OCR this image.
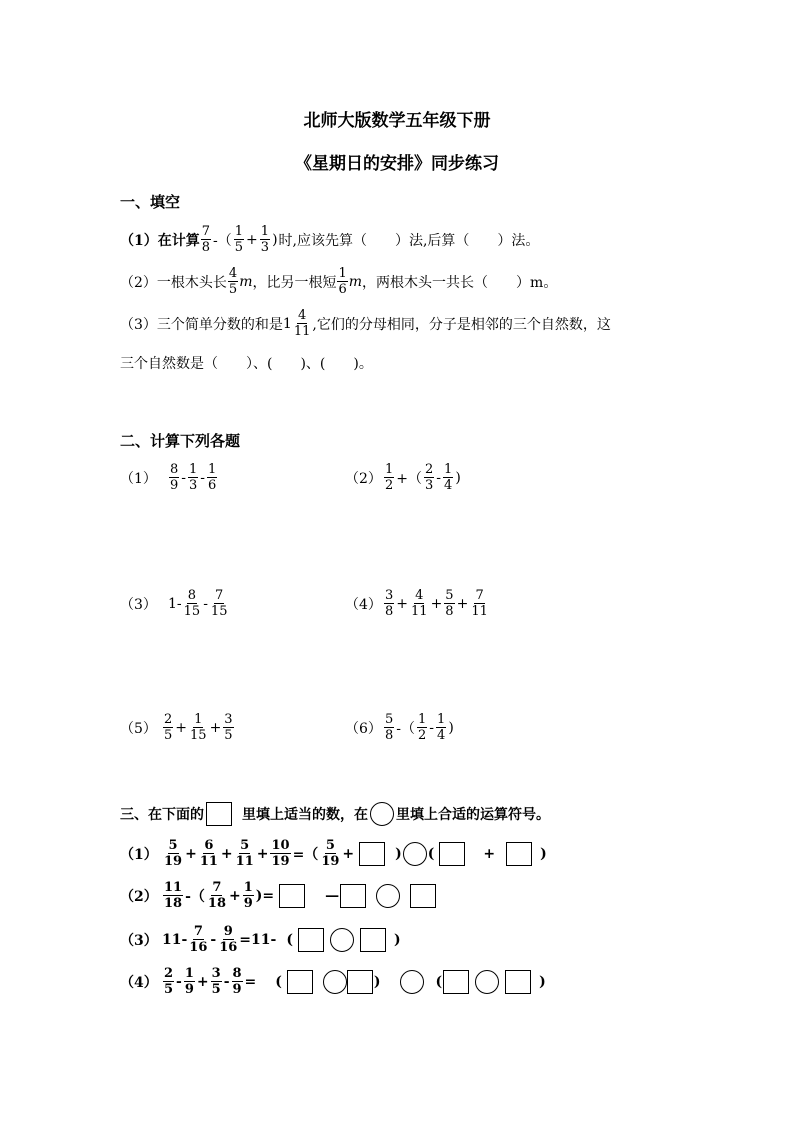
北师大版数学五年级下册
《星期日的安排》同步练习
一、填空
（1）在计算 $\frac{7}{8}$ -（ $\frac{1}{5} + \frac{1}{3}$ ) 时,应该先算（　　）法,后算（　　）法。
（2）一根木头长 $\frac{4}{5}$ m ，比另一根短 $\frac{1}{6}$ m ，两根木头一共长（　　）m。
（3）三个简单分数的和是 $1 \frac{4}{11}$ ,它们的分母相同，分子是相邻的三个自然数，这
三个自然数是（　　）、(　　)、(　　)。
二、计算下列各题
$(1) \frac{8}{9} - \frac{1}{3} - \frac{1}{6}$	$(2) \frac{1}{2}$ +（ $\frac{2}{3} - \frac{1}{4}$ )
（3） $1- \frac{8}{15} - \frac{7}{15}$	$(4) \frac{3}{8} + \frac{4}{11} + \frac{5}{8} + \frac{7}{11}$
$(5) \frac{2}{5} + \frac{1}{15} + \frac{3}{5}$	$(6) \frac{5}{8}$ -（ $\frac{1}{2} - \frac{1}{4}$ )
三、在下面的	里填上适当的数，在 里填上合适的运算符号。
$(1) \frac{5}{19} + \frac{6}{11} + \frac{5}{11} + \frac{10}{19}$ =（ $\frac{5}{19}$ +	) (	+	)
$(2) \frac{11}{18}$ -（ $\frac{7}{18} + \frac{1}{9}$ )=	—
（3） $11- \frac{7}{16} - \frac{9}{16} =11-$ (	)
$(4) \frac{2}{5} - \frac{1}{9} + \frac{3}{5} - \frac{8}{9}$ = (	)	(	)
